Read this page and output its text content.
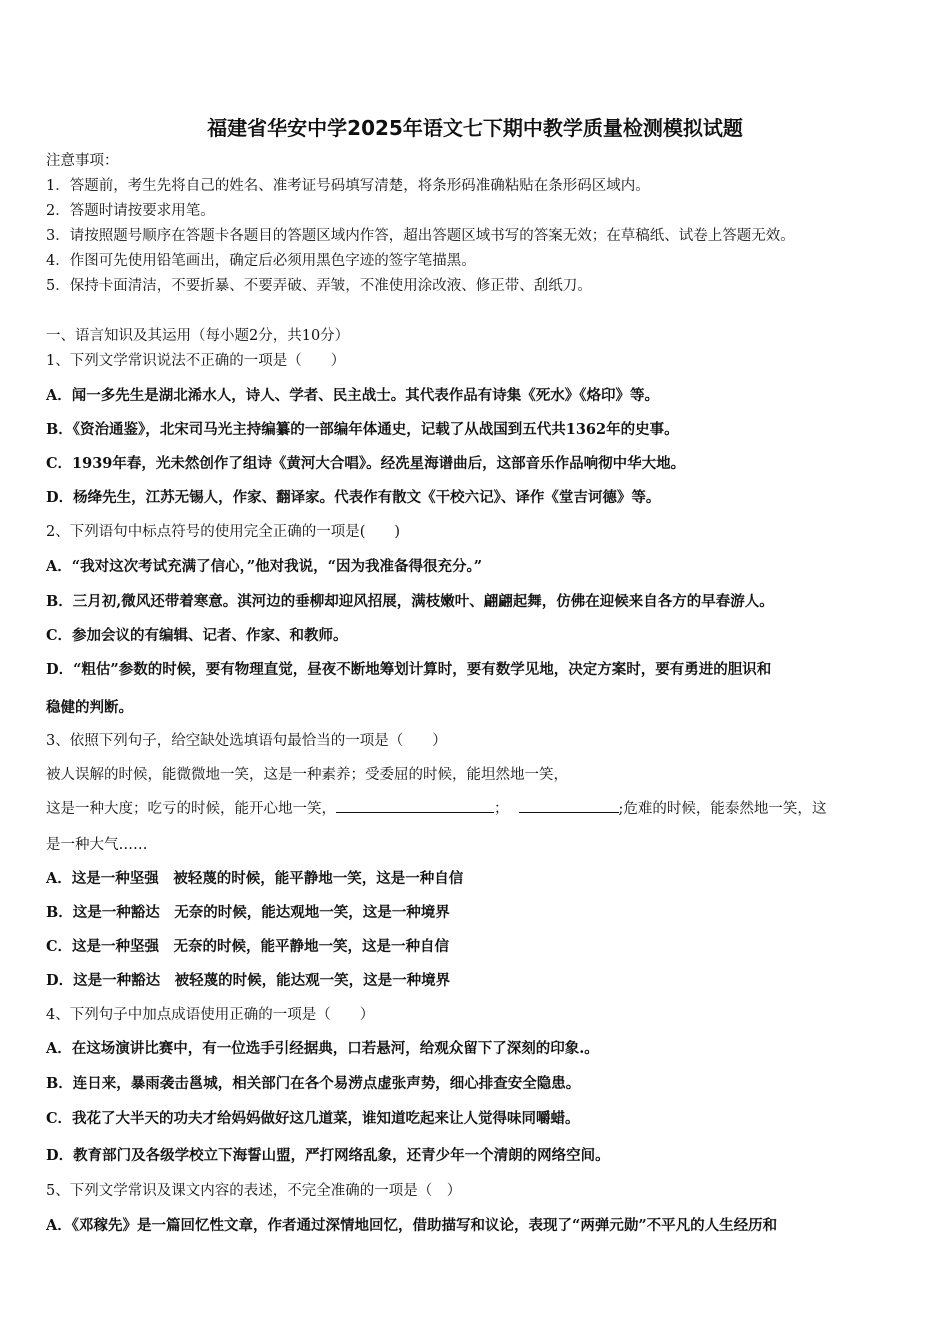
福建省华安中学2025年语文七下期中教学质量检测模拟试题
注意事项：
1．答题前，考生先将自己的姓名、准考证号码填写清楚，将条形码准确粘贴在条形码区域内。
2．答题时请按要求用笔。
3．请按照题号顺序在答题卡各题目的答题区域内作答，超出答题区域书写的答案无效；在草稿纸、试卷上答题无效。
4．作图可先使用铅笔画出，确定后必须用黑色字迹的签字笔描黑。
5．保持卡面清洁，不要折暴、不要弄破、弄皱，不准使用涂改液、修正带、刮纸刀。
一、语言知识及其运用（每小题2分，共10分）
1、下列文学常识说法不正确的一项是（　　）
A．闻一多先生是湖北浠水人，诗人、学者、民主战士。其代表作品有诗集《死水》《烙印》等。
B．《资治通鉴》，北宋司马光主持编纂的一部编年体通史，记载了从战国到五代共1362年的史事。
C．1939年春，光未然创作了组诗《黄河大合唱》。经冼星海谱曲后，这部音乐作品响彻中华大地。
D．杨绛先生，江苏无锡人，作家、翻译家。代表作有散文《干校六记》、译作《堂吉诃德》等。
2、下列语句中标点符号的使用完全正确的一项是(　　)
A．“我对这次考试充满了信心，”他对我说，“因为我准备得很充分。”
B．三月初,微风还带着寒意。淇河边的垂柳却迎风招展，满枝嫩叶、翩翩起舞，仿佛在迎候来自各方的早春游人。
C．参加会议的有编辑、记者、作家、和教师。
D．“粗估”参数的时候，要有物理直觉，昼夜不断地筹划计算时，要有数学见地，决定方案时，要有勇进的胆识和
稳健的判断。
3、依照下列句子，给空缺处选填语句最恰当的一项是（　　）
被人误解的时候，能微微地一笑，这是一种素养；受委屈的时候，能坦然地一笑，
这是一种大度；吃亏的时候，能开心地一笑，	；	;危难的时候，能泰然地一笑，这
是一种大气……
A．这是一种坚强　被轻蔑的时候，能平静地一笑，这是一种自信
B．这是一种豁达　无奈的时候，能达观地一笑，这是一种境界
C．这是一种坚强　无奈的时候，能平静地一笑，这是一种自信
D．这是一种豁达　被轻蔑的时候，能达观一笑，这是一种境界
4、下列句子中加点成语使用正确的一项是（　　）
A．在这场演讲比赛中，有一位选手引经据典，口若悬河，给观众留下了深刻的印象.。
B．连日来，暴雨袭击邕城，相关部门在各个易涝点虚张声势，细心排查安全隐患。
C．我花了大半天的功夫才给妈妈做好这几道菜，谁知道吃起来让人觉得味同嚼蜡。
D．教育部门及各级学校立下海誓山盟，严打网络乱象，还青少年一个清朗的网络空间。
5、下列文学常识及课文内容的表述，不完全准确的一项是（　）
A．《邓稼先》是一篇回忆性文章，作者通过深情地回忆，借助描写和议论，表现了“两弹元勋”不平凡的人生经历和
